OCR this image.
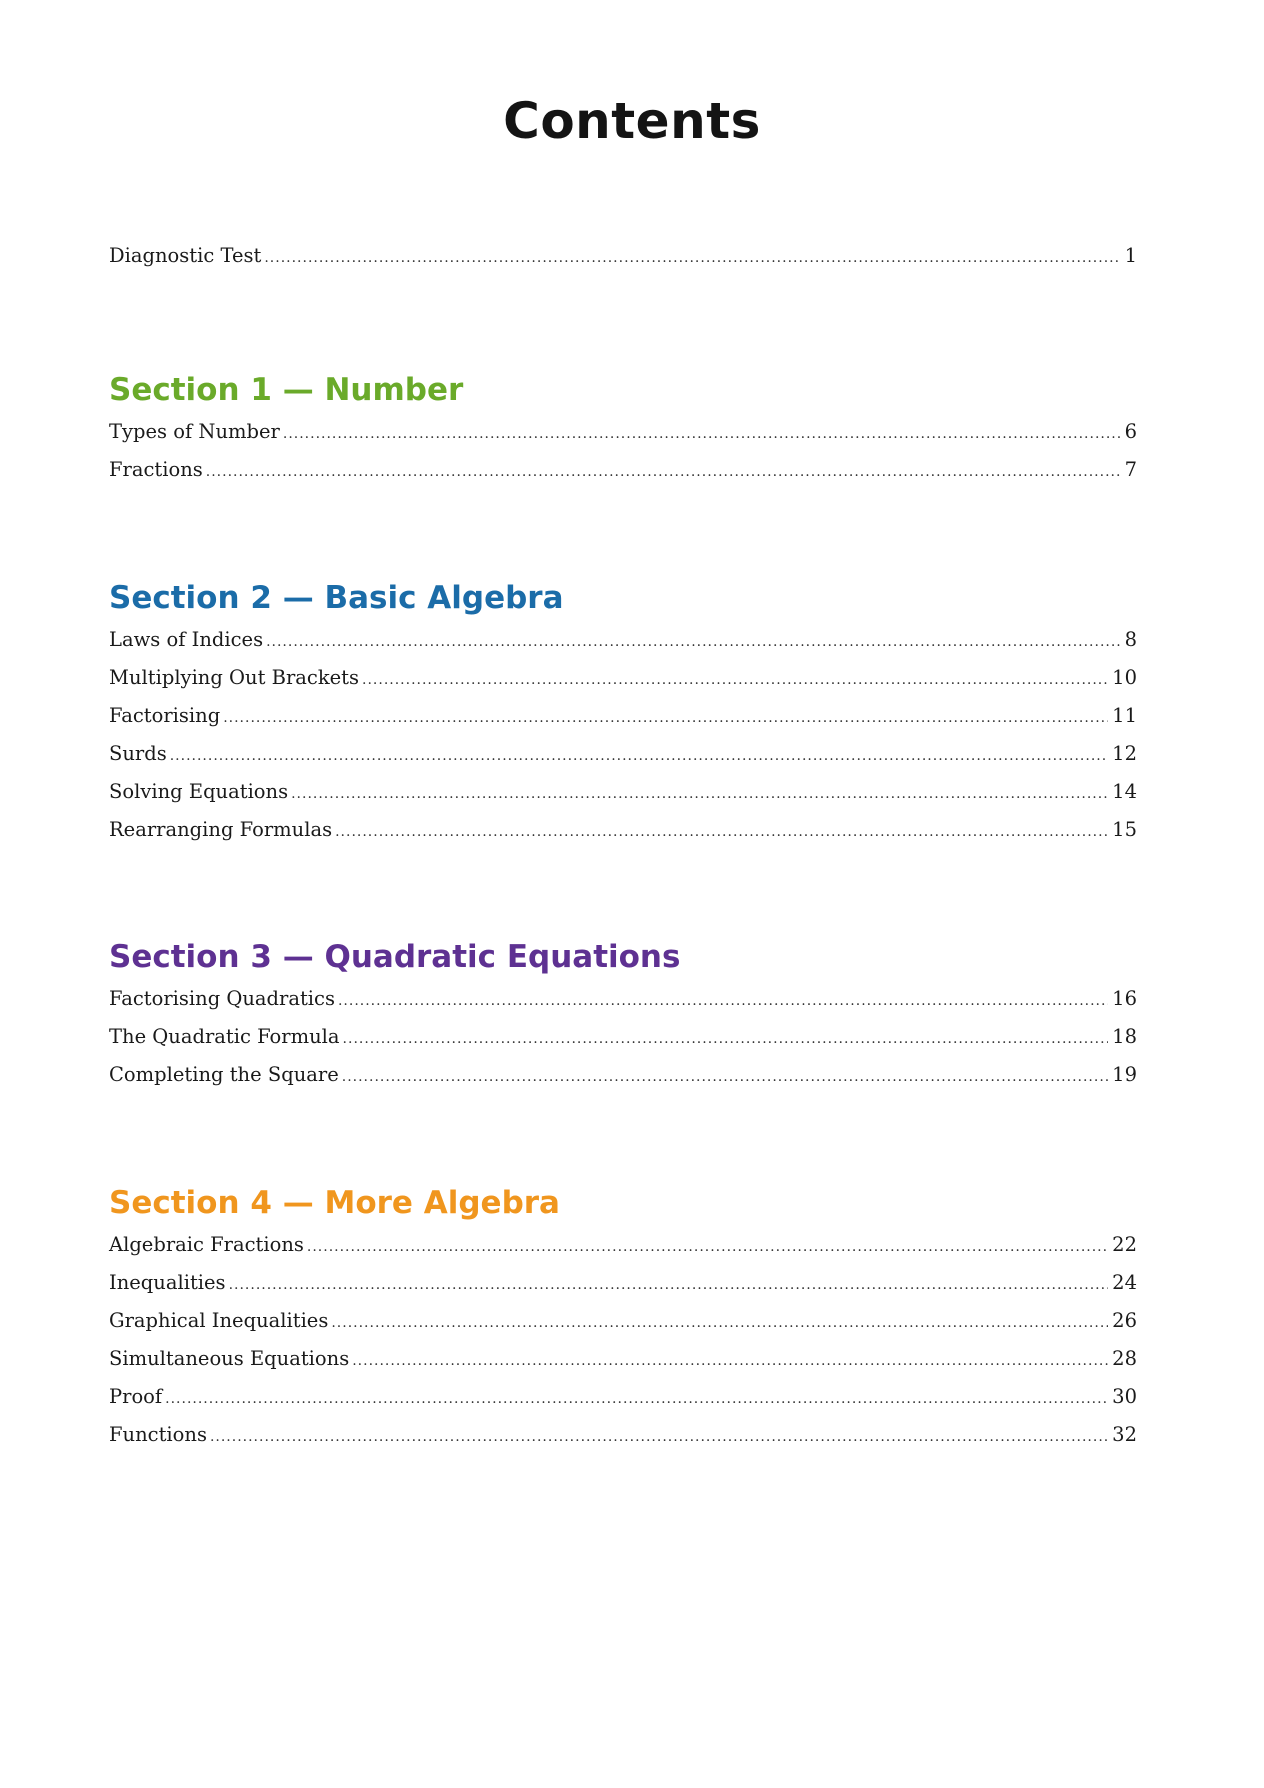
Contents
Diagnostic Test .....	1
Section 1 — Number
Types of Number .....	6
Fractions .....	7
Section 2 — Basic Algebra
Laws of Indices .....	8
Multiplying Out Brackets .....	10
Factorising .....	11
Surds .....	12
Solving Equations .....	14
Rearranging Formulas .....	15
Section 3 — Quadratic Equations
Factorising Quadratics .....	16
The Quadratic Formula .....	18
Completing the Square .....	19
Section 4 — More Algebra
Algebraic Fractions .....	22
Inequalities .....	24
Graphical Inequalities .....	26
Simultaneous Equations .....	28
Proof .....	30
Functions .....	32
